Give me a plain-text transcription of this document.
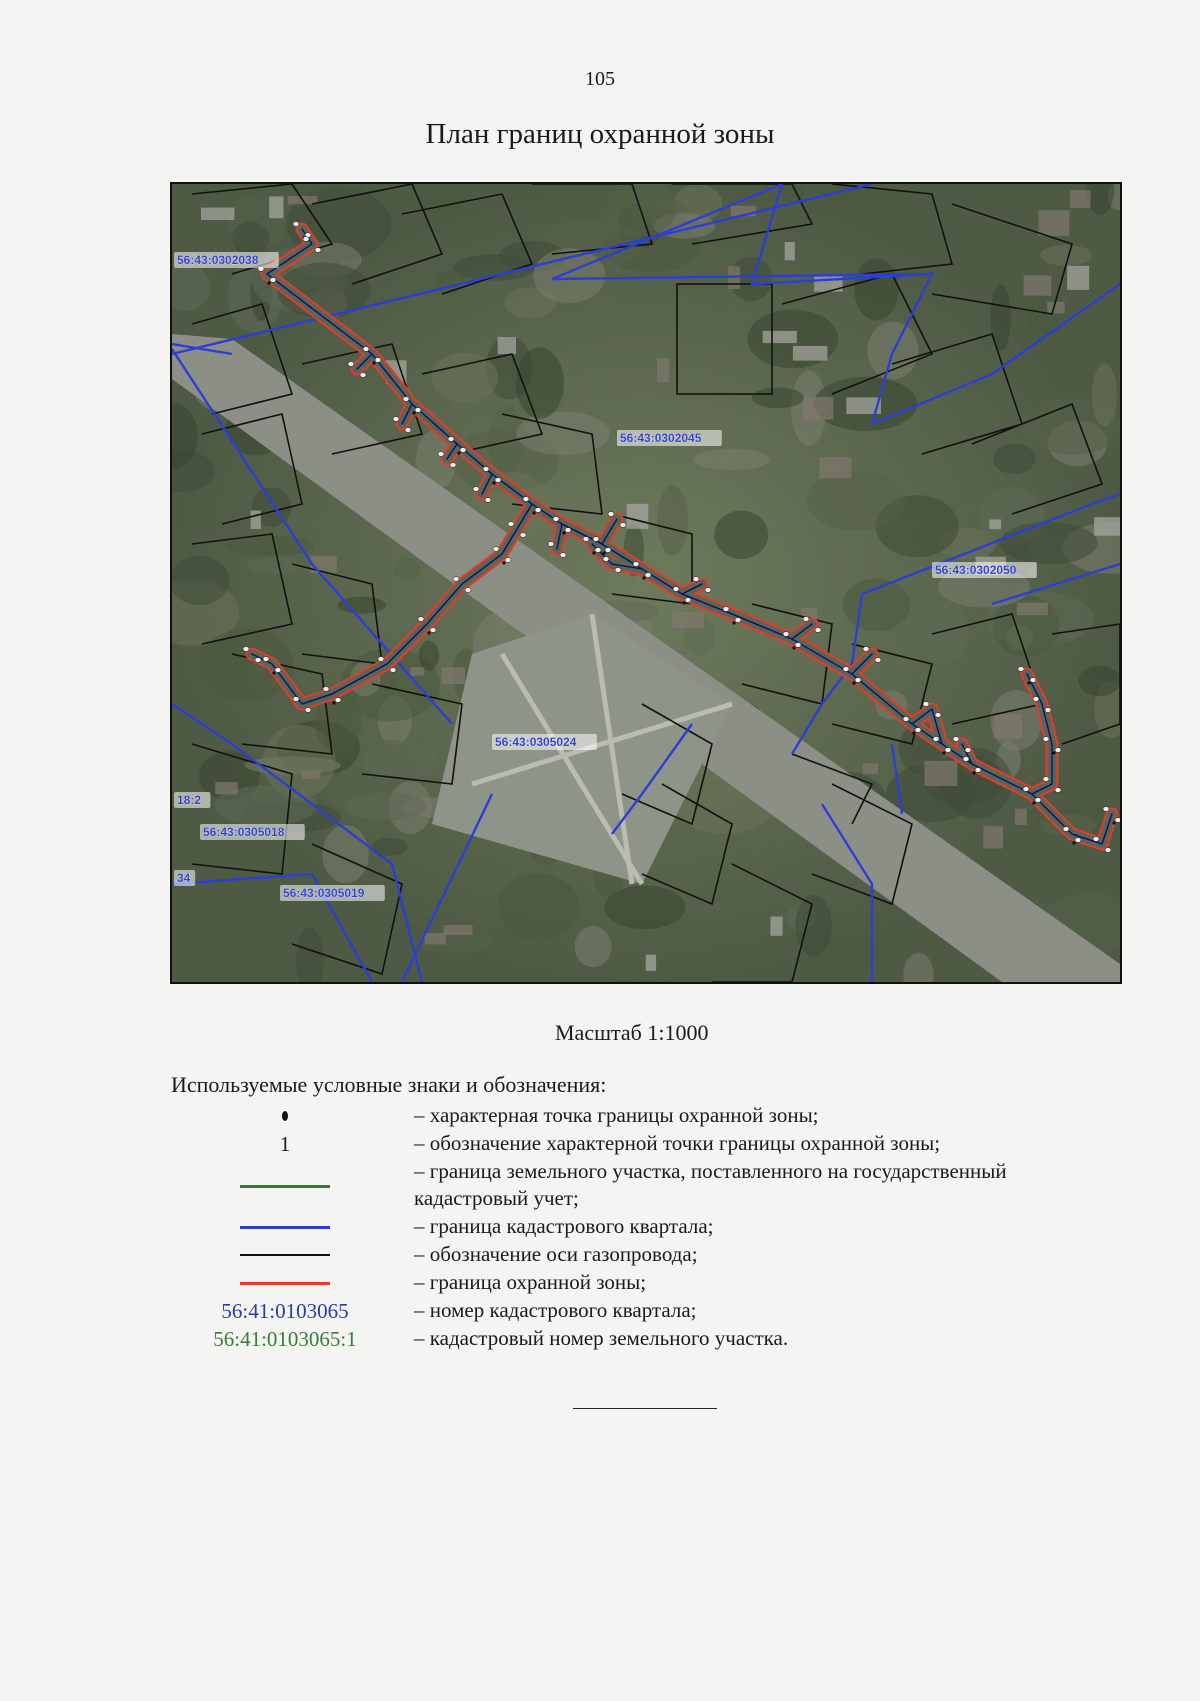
105
План границ охранной зоны
56:43:0302038
56:43:0302045
56:43:0302050
56:43:0305024
56:43:0305018
56:43:0305019
18:2
34
Масштаб 1:1000
Используемые условные знаки и обозначения:
– характерная точка границы охранной зоны;
1	– обозначение характерной точки границы охранной зоны;
– граница земельного участка, поставленного на государственный кадастровый учет;
– граница кадастрового квартала;
– обозначение оси газопровода;
– граница охранной зоны;
56:41:0103065	– номер кадастрового квартала;
56:41:0103065:1	– кадастровый номер земельного участка.
